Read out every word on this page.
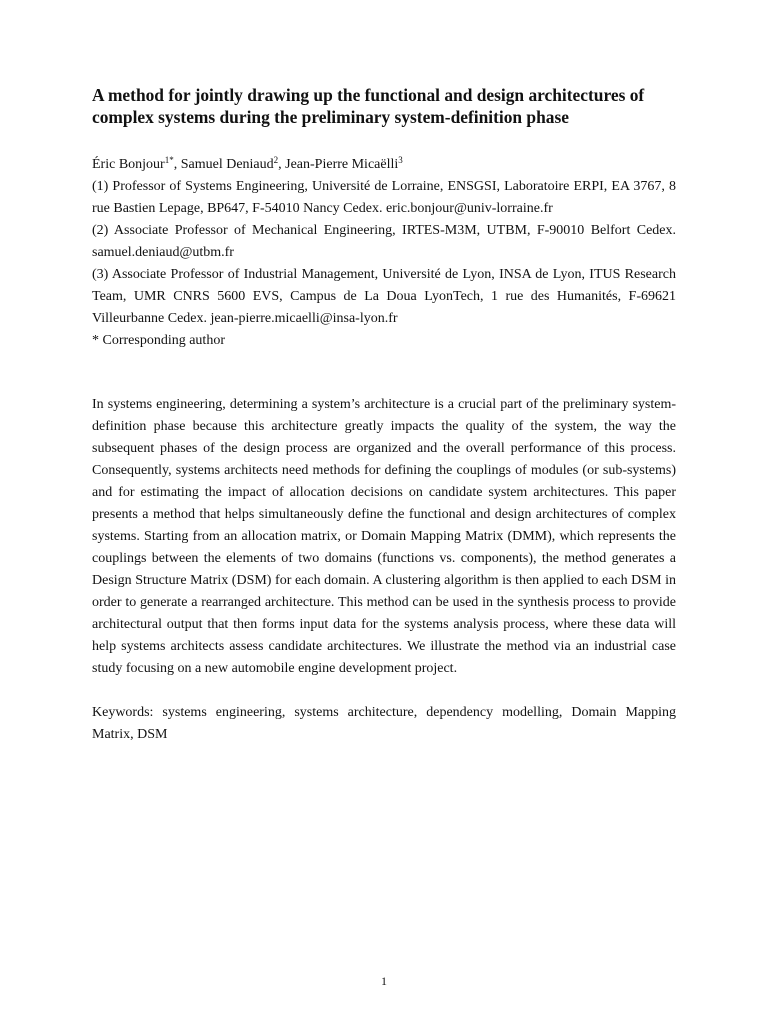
A method for jointly drawing up the functional and design architectures of complex systems during the preliminary system-definition phase
Éric Bonjour$^{1*}$, Samuel Deniaud$^2$, Jean-Pierre Micaëlli$^3$

(1) Professor of Systems Engineering, Université de Lorraine, ENSGSI, Laboratoire ERPI, EA 3767, 8 rue Bastien Lepage, BP647, F-54010 Nancy Cedex. eric.bonjour@univ-lorraine.fr

(2) Associate Professor of Mechanical Engineering, IRTES-M3M, UTBM, F-90010 Belfort Cedex. samuel.deniaud@utbm.fr

(3) Associate Professor of Industrial Management, Université de Lyon, INSA de Lyon, ITUS Research Team, UMR CNRS 5600 EVS, Campus de La Doua LyonTech, 1 rue des Humanités, F-69621 Villeurbanne Cedex. jean-pierre.micaelli@insa-lyon.fr

* Corresponding author

In systems engineering, determining a system’s architecture is a crucial part of the preliminary system-definition phase because this architecture greatly impacts the quality of the system, the way the subsequent phases of the design process are organized and the overall performance of this process. Consequently, systems architects need methods for defining the couplings of modules (or sub-systems) and for estimating the impact of allocation decisions on candidate system architectures. This paper presents a method that helps simultaneously define the functional and design architectures of complex systems. Starting from an allocation matrix, or Domain Mapping Matrix (DMM), which represents the couplings between the elements of two domains (functions vs. components), the method generates a Design Structure Matrix (DSM) for each domain. A clustering algorithm is then applied to each DSM in order to generate a rearranged architecture. This method can be used in the synthesis process to provide architectural output that then forms input data for the systems analysis process, where these data will help systems architects assess candidate architectures. We illustrate the method via an industrial case study focusing on a new automobile engine development project.

Keywords: systems engineering, systems architecture, dependency modelling, Domain Mapping Matrix, DSM

1
